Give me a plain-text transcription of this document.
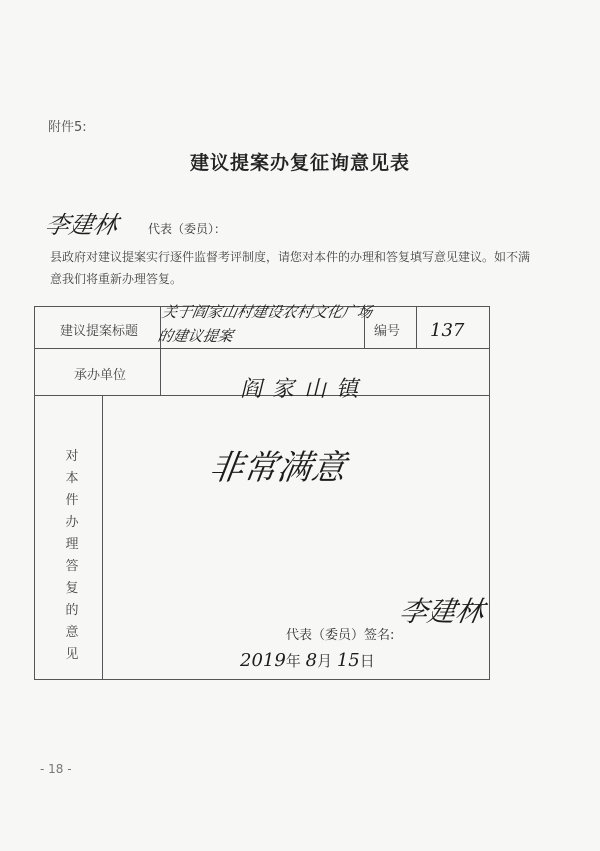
附件5:
建议提案办复征询意见表
李建林 代表（委员）：
县政府对建议提案实行逐件监督考评制度，请您对本件的办理和答复填写意见建议。如不满意我们将重新办理答复。
建议提案标题
关于阎家山村建设农村文化广场的建议提案	编号 137
承办单位
阎家山镇
对本件办理答复的意见
非常满意
代表（委员）签名:
李建林
2019年 8月 15日
- 18 -
